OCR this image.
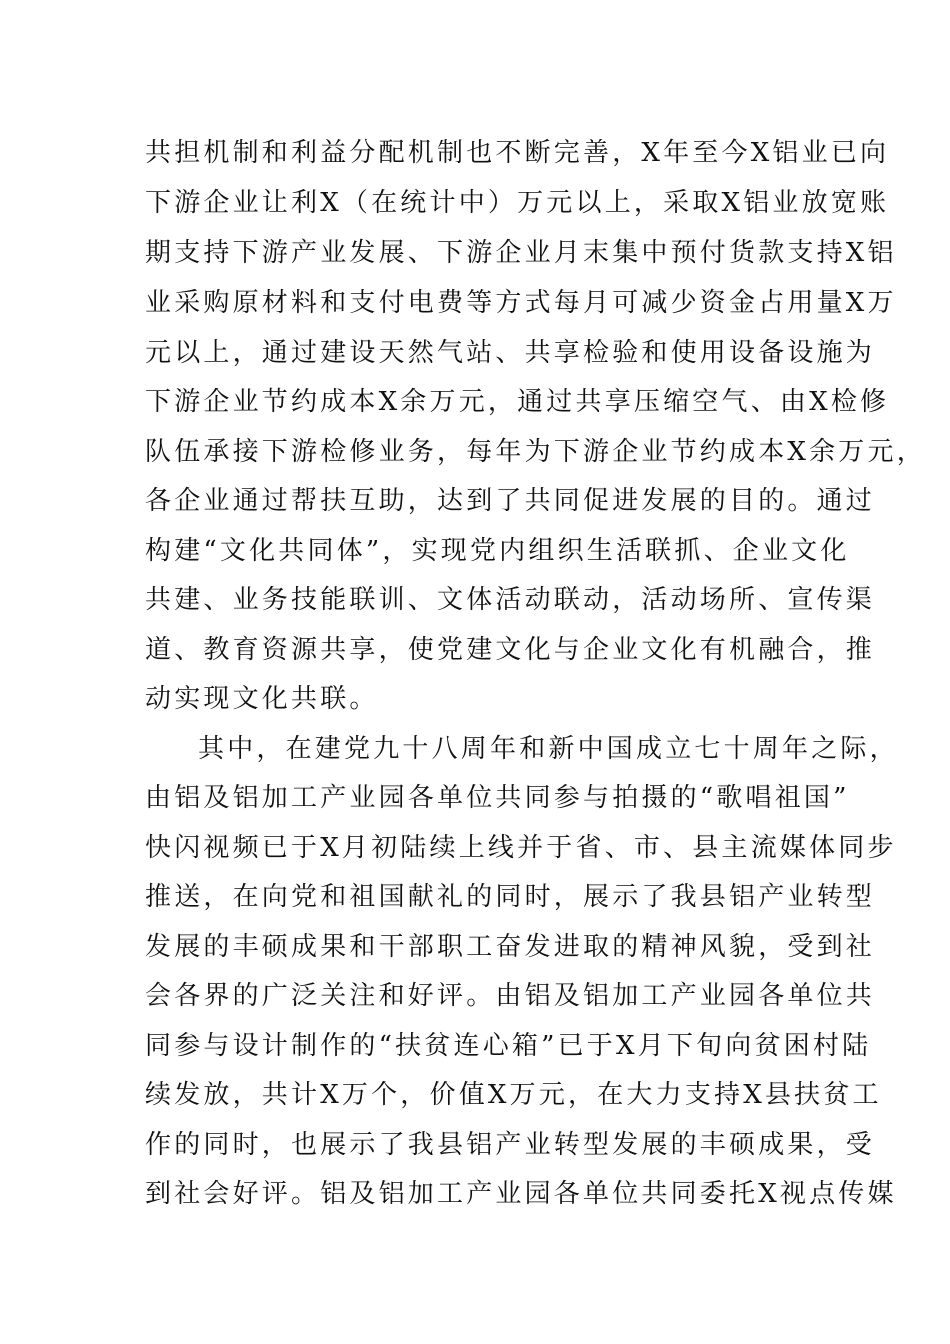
共担机制和利益分配机制也不断完善，X年至今X铝业已向
下游企业让利X（在统计中）万元以上，采取X铝业放宽账
期支持下游产业发展、下游企业月末集中预付货款支持X铝
业采购原材料和支付电费等方式每月可减少资金占用量X万
元以上，通过建设天然气站、共享检验和使用设备设施为
下游企业节约成本X余万元，通过共享压缩空气、由X检修
队伍承接下游检修业务，每年为下游企业节约成本X余万元，
各企业通过帮扶互助，达到了共同促进发展的目的。通过
构建“文化共同体”，实现党内组织生活联抓、企业文化
共建、业务技能联训、文体活动联动，活动场所、宣传渠
道、教育资源共享，使党建文化与企业文化有机融合，推
动实现文化共联。
其中，在建党九十八周年和新中国成立七十周年之际，
由铝及铝加工产业园各单位共同参与拍摄的“歌唱祖国”
快闪视频已于X月初陆续上线并于省、市、县主流媒体同步
推送，在向党和祖国献礼的同时，展示了我县铝产业转型
发展的丰硕成果和干部职工奋发进取的精神风貌，受到社
会各界的广泛关注和好评。由铝及铝加工产业园各单位共
同参与设计制作的“扶贫连心箱”已于X月下旬向贫困村陆
续发放，共计X万个，价值X万元，在大力支持X县扶贫工
作的同时，也展示了我县铝产业转型发展的丰硕成果，受
到社会好评。铝及铝加工产业园各单位共同委托X视点传媒
